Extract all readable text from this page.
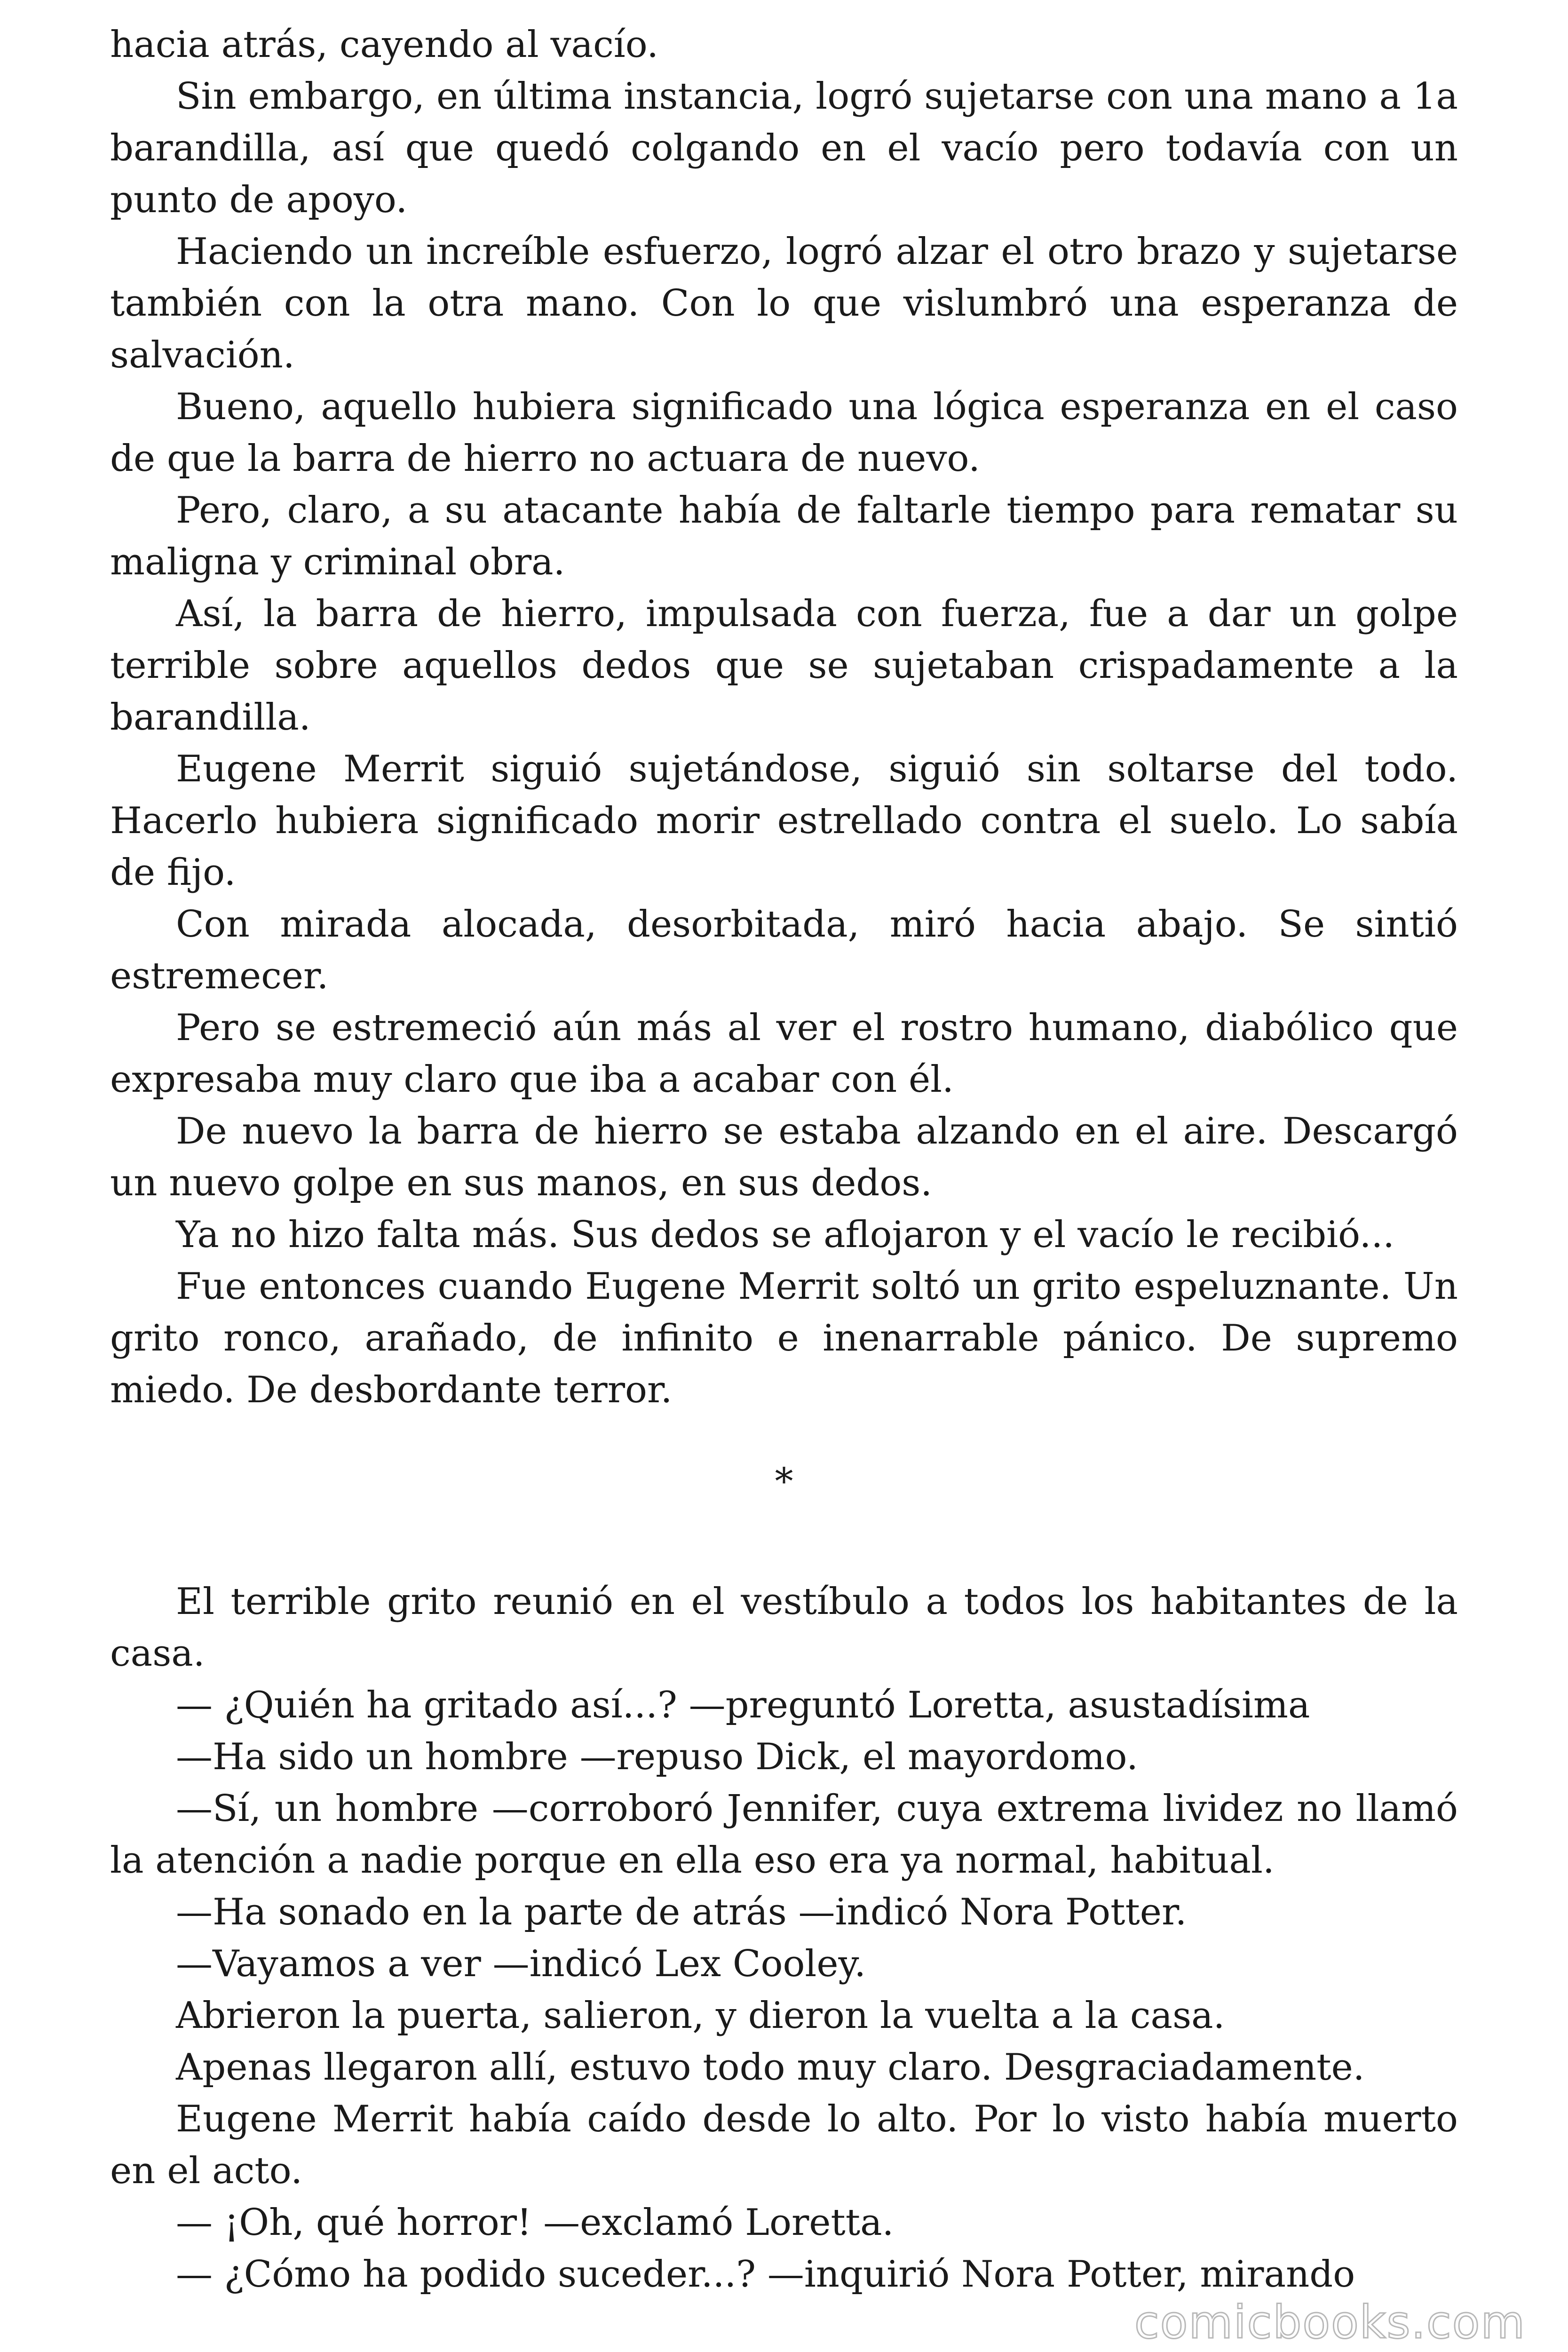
hacia atrás, cayendo al vacío.

Sin embargo, en última instancia, logró sujetarse con una mano a 1a barandilla, así que quedó colgando en el vacío pero todavía con un punto de apoyo.

Haciendo un increíble esfuerzo, logró alzar el otro brazo y sujetarse también con la otra mano. Con lo que vislumbró una esperanza de salvación.

Bueno, aquello hubiera significado una lógica esperanza en el caso de que la barra de hierro no actuara de nuevo.

Pero, claro, a su atacante había de faltarle tiempo para rematar su maligna y criminal obra.

Así, la barra de hierro, impulsada con fuerza, fue a dar un golpe terrible sobre aquellos dedos que se sujetaban crispadamente a la barandilla.

Eugene Merrit siguió sujetándose, siguió sin soltarse del todo. Hacerlo hubiera significado morir estrellado contra el suelo. Lo sabía de fijo.

Con mirada alocada, desorbitada, miró hacia abajo. Se sintió estremecer.

Pero se estremeció aún más al ver el rostro humano, diabólico que expresaba muy claro que iba a acabar con él.

De nuevo la barra de hierro se estaba alzando en el aire. Descargó un nuevo golpe en sus manos, en sus dedos.

Ya no hizo falta más. Sus dedos se aflojaron y el vacío le recibió...

Fue entonces cuando Eugene Merrit soltó un grito espeluznante. Un grito ronco, arañado, de infinito e inenarrable pánico. De supremo miedo. De desbordante terror.

*

El terrible grito reunió en el vestíbulo a todos los habitantes de la casa.

— ¿Quién ha gritado así...? —preguntó Loretta, asustadísima

—Ha sido un hombre —repuso Dick, el mayordomo.

—Sí, un hombre —corroboró Jennifer, cuya extrema lividez no llamó la atención a nadie porque en ella eso era ya normal, habitual.

—Ha sonado en la parte de atrás —indicó Nora Potter.

—Vayamos a ver —indicó Lex Cooley.

Abrieron la puerta, salieron, y dieron la vuelta a la casa.

Apenas llegaron allí, estuvo todo muy claro. Desgraciadamente.

Eugene Merrit había caído desde lo alto. Por lo visto había muerto en el acto.

— ¡Oh, qué horror! —exclamó Loretta.

— ¿Cómo ha podido suceder...? —inquirió Nora Potter, mirando

comicbooks.com
